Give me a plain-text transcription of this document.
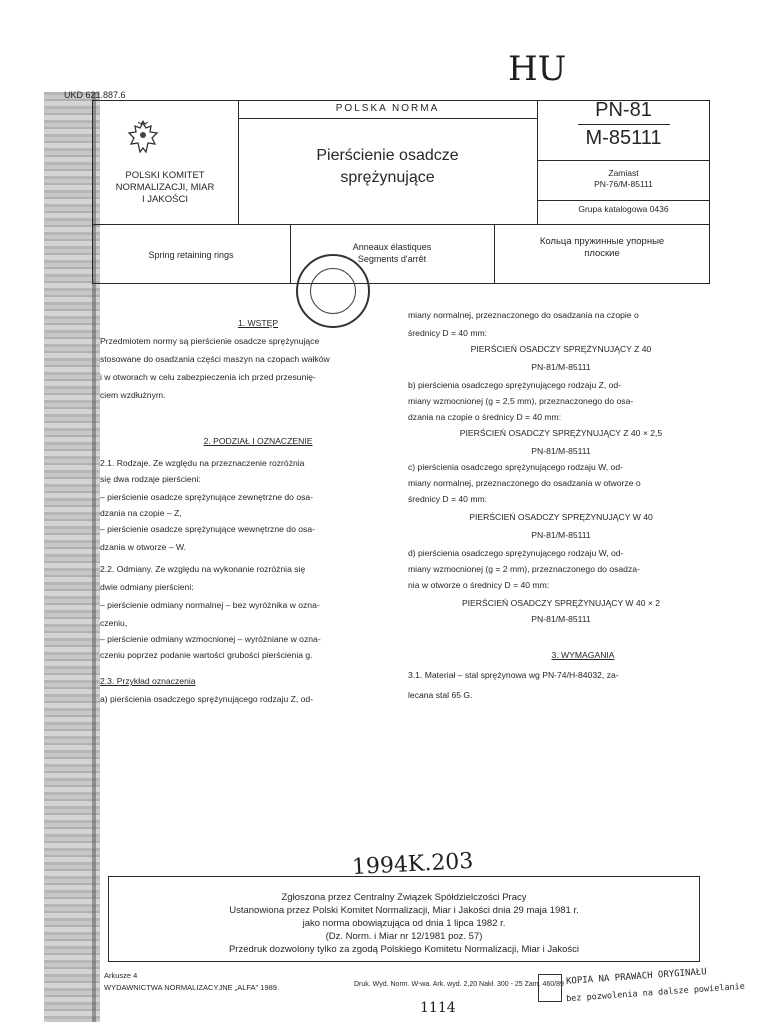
HU
1994K.203
1114
UKD 621.887.6
POLSKI KOMITET
NORMALIZACJI, MIAR
I JAKOŚCI
POLSKA NORMA
Pierścienie osadcze
sprężynujące
PN-81
M-85111
Zamiast
PN-76/M-85111
Grupa katalogowa 0436
Spring retaining rings
Anneaux élastiques
Segments d'arrêt
Кольца пружинные упорные
плоские
1. WSTĘP
Przedmiotem normy są pierścienie osadcze sprężynujące
stosowane do osadzania części maszyn na czopach wałków
i w otworach w celu zabezpieczenia ich przed przesunię-
ciem wzdłużnym.
2. PODZIAŁ I OZNACZENIE
2.1. Rodzaje. Ze względu na przeznaczenie rozróżnia
się dwa rodzaje pierścieni:
– pierścienie osadcze sprężynujące zewnętrzne do osa-
dzania na czopie – Z,
– pierścienie osadcze sprężynujące wewnętrzne do osa-
dzania w otworze – W.
2.2. Odmiany. Ze względu na wykonanie rozróżnia się
dwie odmiany pierścieni:
– pierścienie odmiany normalnej – bez wyróżnika w ozna-
czeniu,
– pierścienie odmiany wzmocnionej – wyróżniane w ozna-
czeniu poprzez podanie wartości grubości pierścienia g.
2.3. Przykład oznaczenia
a) pierścienia osadczego sprężynującego rodzaju Z, od-
miany normalnej, przeznaczonego do osadzania na czopie o
średnicy D = 40 mm:
PIERŚCIEŃ OSADCZY SPRĘŻYNUJĄCY Z 40
PN-81/M-85111
b) pierścienia osadczego sprężynującego rodzaju Z, od-
miany wzmocnionej (g = 2,5 mm), przeznaczonego do osa-
dzania na czopie o średnicy D = 40 mm:
PIERŚCIEŃ OSADCZY SPRĘŻYNUJĄCY Z 40 × 2,5
PN-81/M-85111
c) pierścienia osadczego sprężynującego rodzaju W, od-
miany normalnej, przeznaczonego do osadzania w otworze o
średnicy D = 40 mm:
PIERŚCIEŃ OSADCZY SPRĘŻYNUJĄCY W 40
PN-81/M-85111
d) pierścienia osadczego sprężynującego rodzaju W, od-
miany wzmocnionej (g = 2 mm), przeznaczonego do osadza-
nia w otworze o średnicy D = 40 mm:
PIERŚCIEŃ OSADCZY SPRĘŻYNUJĄCY W 40 × 2
PN-81/M-85111
3. WYMAGANIA
3.1. Materiał – stal sprężynowa wg PN-74/H-84032, za-
lecana stal 65 G.
Zgłoszona przez Centralny Związek Spółdzielczości Pracy
Ustanowiona przez Polski Komitet Normalizacji, Miar i Jakości dnia 29 maja 1981 r.
jako norma obowiązująca od dnia 1 lipca 1982 r.
(Dz. Norm. i Miar nr 12/1981 poz. 57)
Przedruk dozwolony tylko za zgodą Polskiego Komitetu Normalizacji, Miar i Jakości
Arkusze 4
WYDAWNICTWA NORMALIZACYJNE „ALFA" 1989.	Druk. Wyd. Norm. W-wa. Ark. wyd. 2,20 Nakł. 300 - 25 Zam. 460/89 KOPIA NA PRAWACH ORYGINAŁU
bez pozwolenia na dalsze powielanie
